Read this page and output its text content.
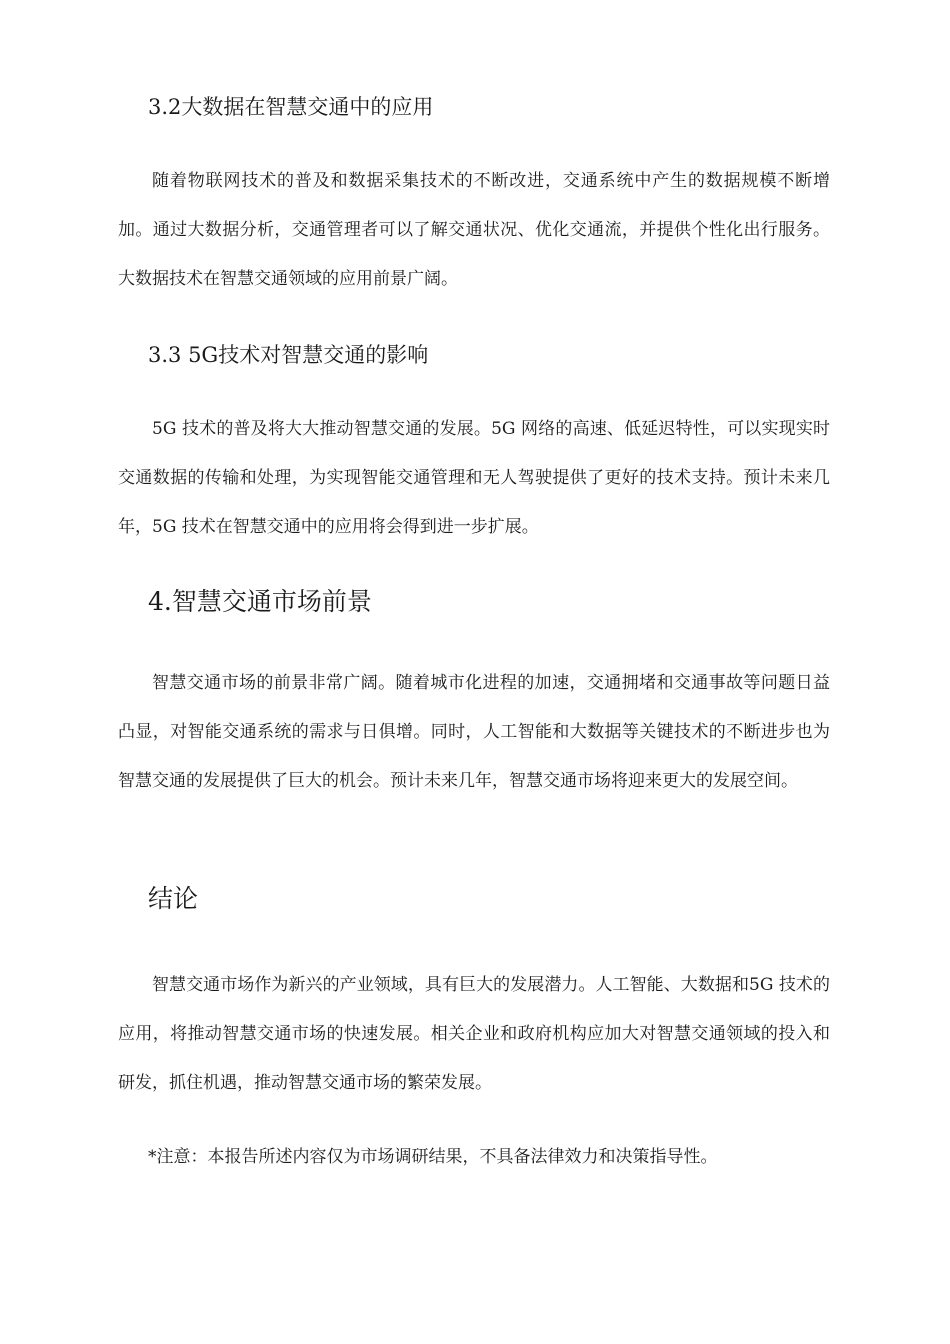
3.2大数据在智慧交通中的应用
随着物联网技术的普及和数据采集技术的不断改进，交通系统中产生的数据规模不断增加。通过大数据分析，交通管理者可以了解交通状况、优化交通流，并提供个性化出行服务。大数据技术在智慧交通领域的应用前景广阔。
3.3 5G技术对智慧交通的影响
5G 技术的普及将大大推动智慧交通的发展。5G 网络的高速、低延迟特性，可以实现实时交通数据的传输和处理，为实现智能交通管理和无人驾驶提供了更好的技术支持。预计未来几年，5G 技术在智慧交通中的应用将会得到进一步扩展。
4.智慧交通市场前景
智慧交通市场的前景非常广阔。随着城市化进程的加速，交通拥堵和交通事故等问题日益凸显，对智能交通系统的需求与日俱增。同时，人工智能和大数据等关键技术的不断进步也为智慧交通的发展提供了巨大的机会。预计未来几年，智慧交通市场将迎来更大的发展空间。
结论
智慧交通市场作为新兴的产业领域，具有巨大的发展潜力。人工智能、大数据和5G 技术的应用，将推动智慧交通市场的快速发展。相关企业和政府机构应加大对智慧交通领域的投入和研发，抓住机遇，推动智慧交通市场的繁荣发展。
*注意：本报告所述内容仅为市场调研结果，不具备法律效力和决策指导性。
